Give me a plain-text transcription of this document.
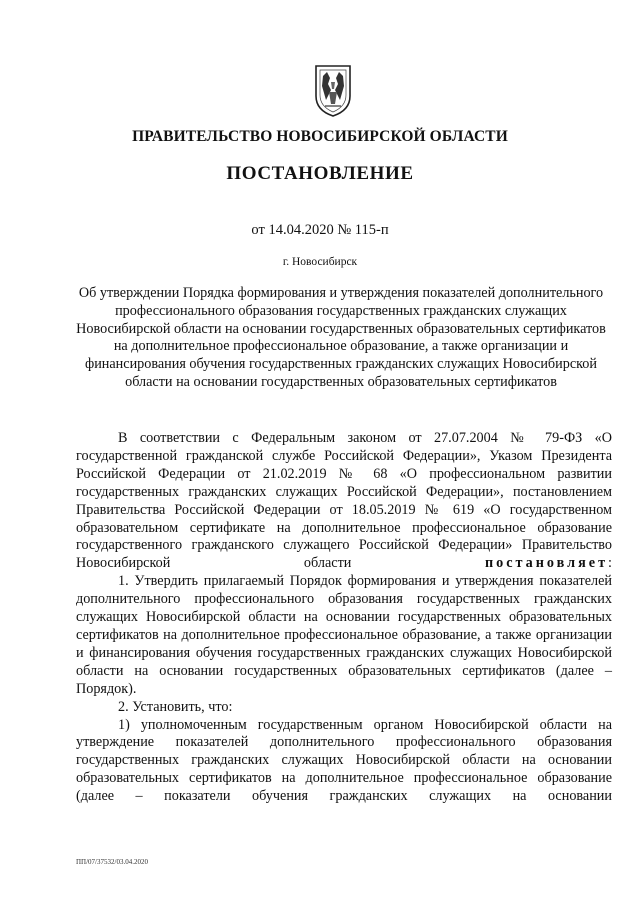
ПРАВИТЕЛЬСТВО НОВОСИБИРСКОЙ ОБЛАСТИ
ПОСТАНОВЛЕНИЕ
от 14.04.2020 № 115-п
г. Новосибирск
Об утверждении Порядка формирования и утверждения показателей дополнительного профессионального образования государственных гражданских служащих Новосибирской области на основании государственных образовательных сертификатов на дополнительное профессиональное образование, а также организации и финансирования обучения государственных гражданских служащих Новосибирской области на основании государственных образовательных сертификатов

В соответствии с Федеральным законом от 27.07.2004 № 79-ФЗ «О государственной гражданской службе Российской Федерации», Указом Президента Российской Федерации от 21.02.2019 № 68 «О профессиональном развитии государственных гражданских служащих Российской Федерации», постановлением Правительства Российской Федерации от 18.05.2019 № 619 «О государственном образовательном сертификате на дополнительное профессиональное образование государственного гражданского служащего Российской Федерации» Правительство Новосибирской области	постановляет:

1. Утвердить прилагаемый Порядок формирования и утверждения показателей дополнительного профессионального образования государственных гражданских служащих Новосибирской области на основании государственных образовательных сертификатов на дополнительное профессиональное образование, а также организации и финансирования обучения государственных гражданских служащих Новосибирской области на основании государственных образовательных сертификатов (далее – Порядок).

2. Установить, что:

1) уполномоченным государственным органом Новосибирской области на утверждение показателей дополнительного профессионального образования государственных гражданских служащих Новосибирской области на основании образовательных сертификатов на дополнительное профессиональное образование (далее – показатели обучения гражданских служащих на основании

ПП/07/37532/03.04.2020
